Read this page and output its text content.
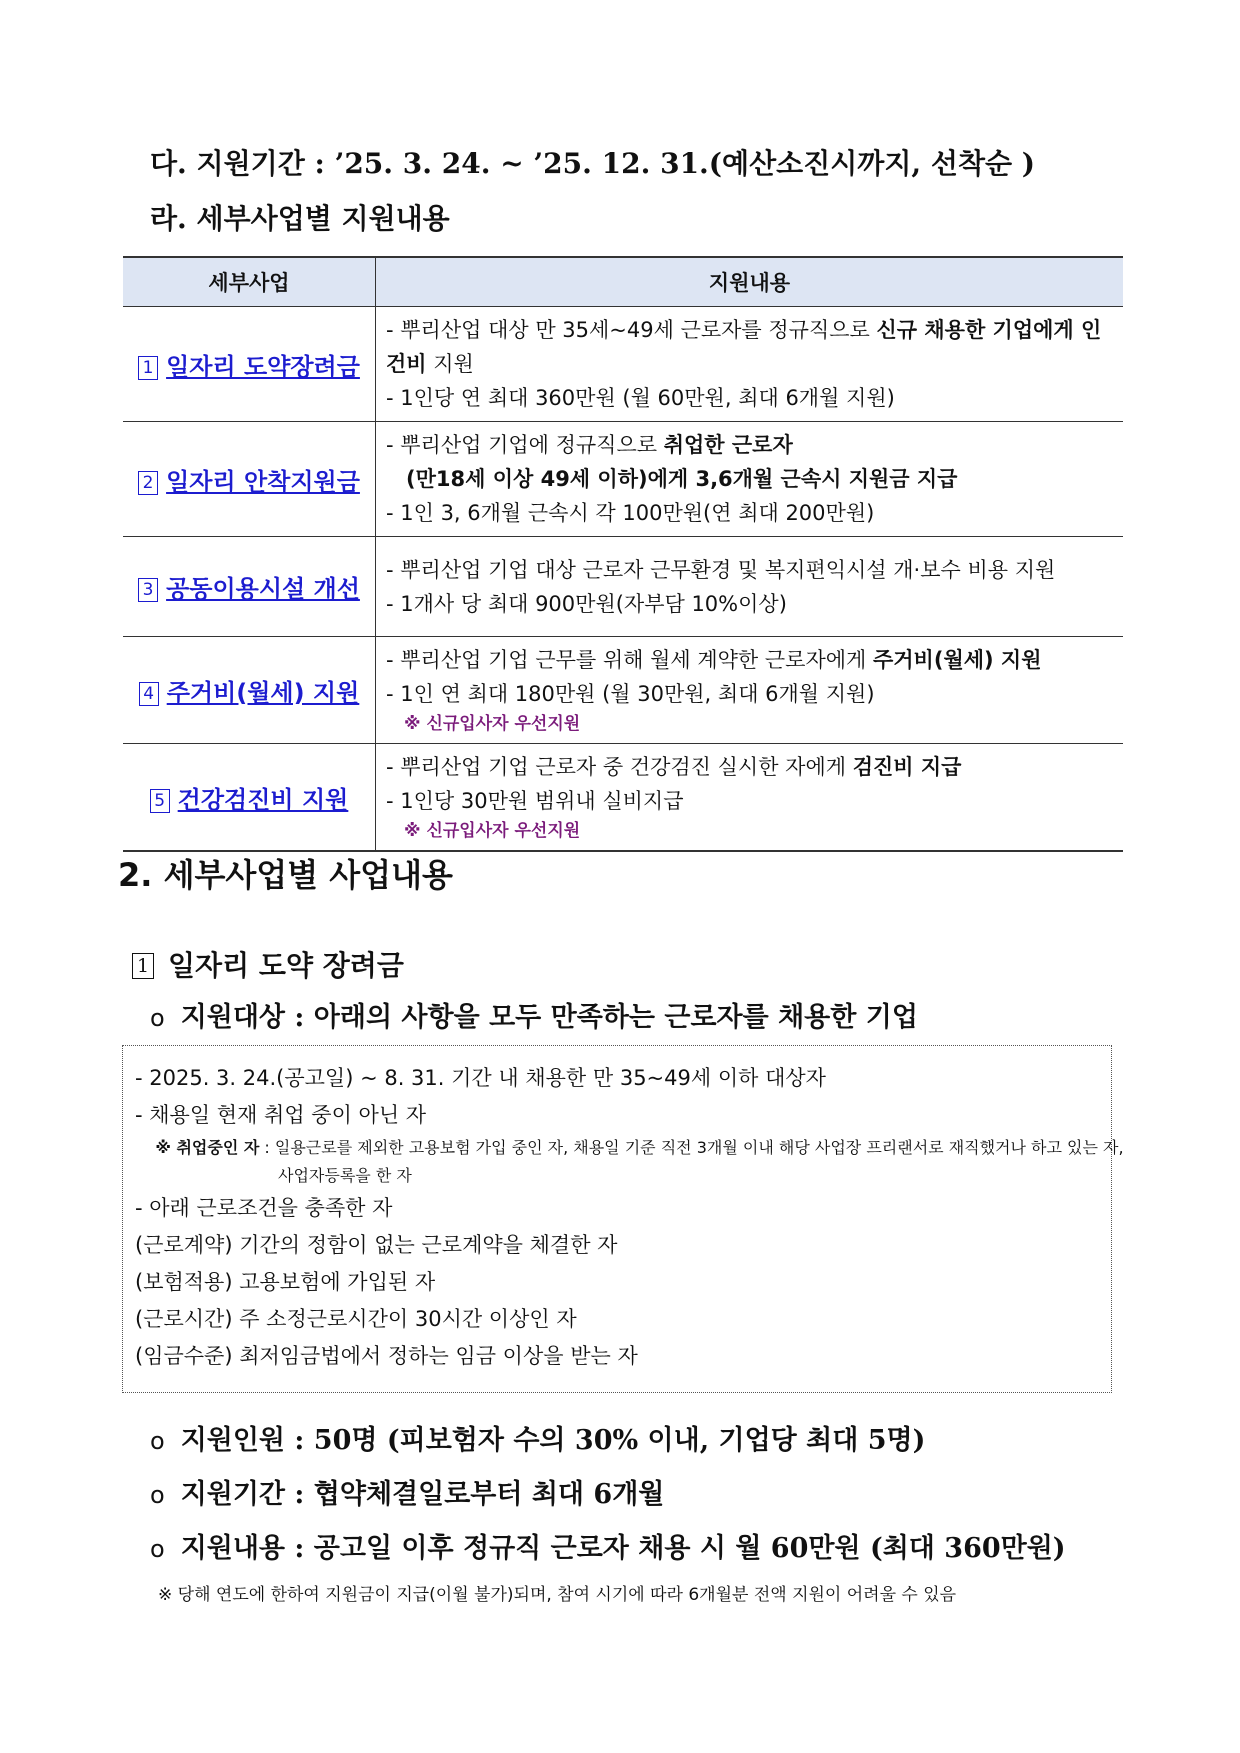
다. 지원기간 : ’25. 3. 24. ~ ’25. 12. 31.(예산소진시까지, 선착순 )
라. 세부사업별 지원내용
세부사업	지원내용

1 일자리 도약장려금	- 뿌리산업 대상 만 35세~49세 근로자를 정규직으로 신규 채용한 기업에게 인건비 지원
- 1인당 연 최대 360만원 (월 60만원, 최대 6개월 지원)

2 일자리 안착지원금	- 뿌리산업 기업에 정규직으로 취업한 근로자
(만18세 이상 49세 이하)에게 3,6개월 근속시 지원금 지급
- 1인 3, 6개월 근속시 각 100만원(연 최대 200만원)

3 공동이용시설 개선	- 뿌리산업 기업 대상 근로자 근무환경 및 복지편익시설 개·보수 비용 지원
- 1개사 당 최대 900만원(자부담 10%이상)

4 주거비(월세) 지원	- 뿌리산업 기업 근무를 위해 월세 계약한 근로자에게 주거비(월세) 지원
- 1인 연 최대 180만원 (월 30만원, 최대 6개월 지원)
※ 신규입사자 우선지원

5 건강검진비 지원	- 뿌리산업 기업 근로자 중 건강검진 실시한 자에게 검진비 지급
- 1인당 30만원 범위내 실비지급
※ 신규입사자 우선지원
2. 세부사업별 사업내용
1 일자리 도약 장려금
o 지원대상 : 아래의 사항을 모두 만족하는 근로자를 채용한 기업
- 2025. 3. 24.(공고일) ~ 8. 31. 기간 내 채용한 만 35~49세 이하 대상자
- 채용일 현재 취업 중이 아닌 자
※ 취업중인 자 : 일용근로를 제외한 고용보험 가입 중인 자, 채용일 기준 직전 3개월 이내 해당 사업장 프리랜서로 재직했거나 하고 있는 자,
사업자등록을 한 자
- 아래 근로조건을 충족한 자
(근로계약) 기간의 정함이 없는 근로계약을 체결한 자
(보험적용) 고용보험에 가입된 자
(근로시간) 주 소정근로시간이 30시간 이상인 자
(임금수준) 최저임금법에서 정하는 임금 이상을 받는 자
o 지원인원 : 50명 (피보험자 수의 30% 이내, 기업당 최대 5명)
o 지원기간 : 협약체결일로부터 최대 6개월
o 지원내용 : 공고일 이후 정규직 근로자 채용 시 월 60만원 (최대 360만원)
※ 당해 연도에 한하여 지원금이 지급(이월 불가)되며, 참여 시기에 따라 6개월분 전액 지원이 어려울 수 있음
